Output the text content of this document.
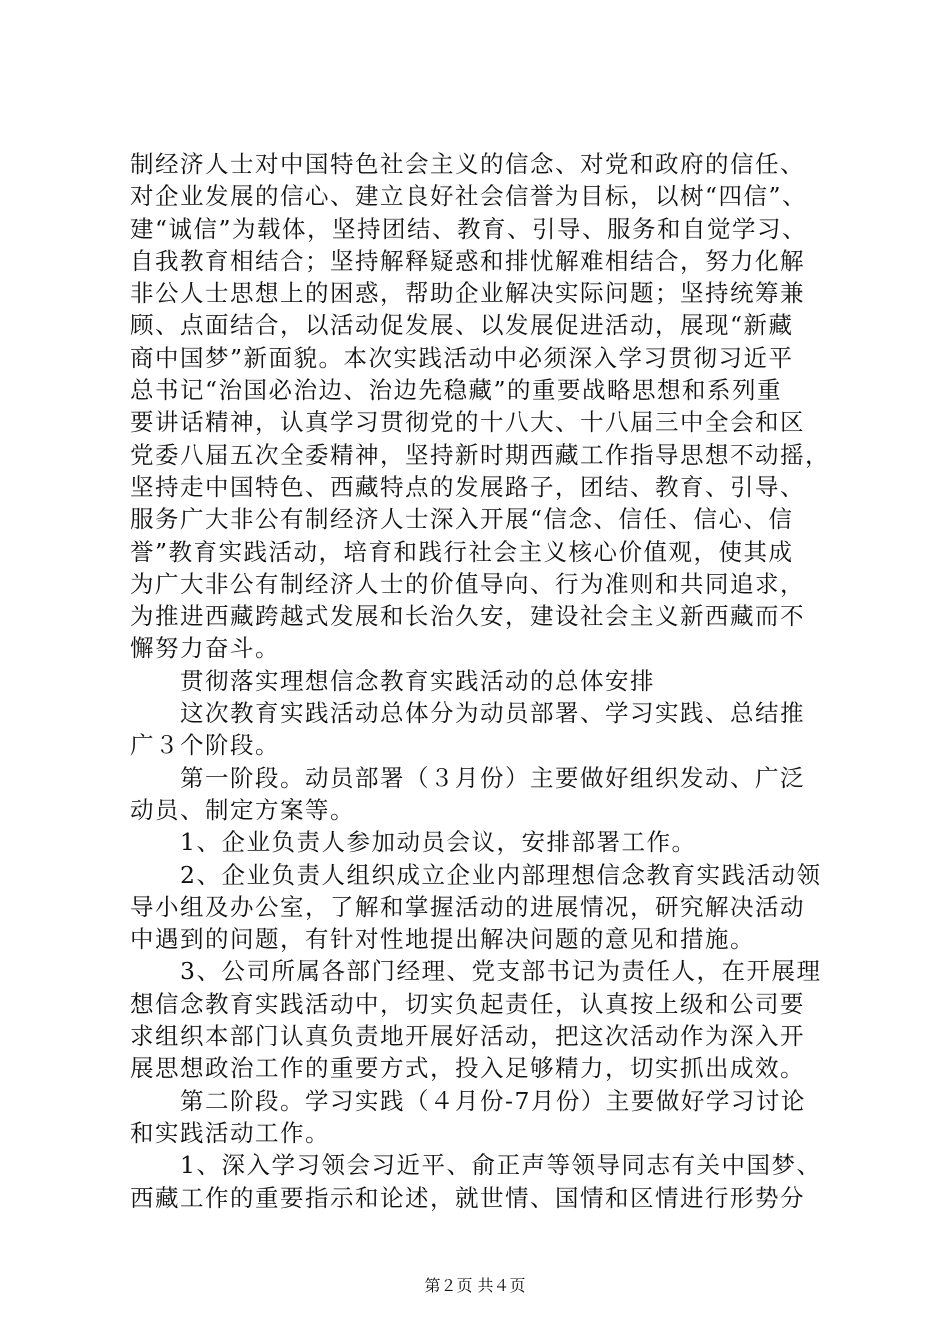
制经济人士对中国特色社会主义的信念、对党和政府的信任、
对企业发展的信心、建立良好社会信誉为目标，以树“四信”、
建“诚信”为载体，坚持团结、教育、引导、服务和自觉学习、
自我教育相结合；坚持解释疑惑和排忧解难相结合，努力化解
非公人士思想上的困惑，帮助企业解决实际问题；坚持统筹兼
顾、点面结合，以活动促发展、以发展促进活动，展现“新藏
商中国梦”新面貌。本次实践活动中必须深入学习贯彻习近平
总书记“治国必治边、治边先稳藏”的重要战略思想和系列重
要讲话精神，认真学习贯彻党的十八大、十八届三中全会和区
党委八届五次全委精神，坚持新时期西藏工作指导思想不动摇，
坚持走中国特色、西藏特点的发展路子，团结、教育、引导、
服务广大非公有制经济人士深入开展“信念、信任、信心、信
誉”教育实践活动，培育和践行社会主义核心价值观，使其成
为广大非公有制经济人士的价值导向、行为准则和共同追求，
为推进西藏跨越式发展和长治久安，建设社会主义新西藏而不
懈努力奋斗。
贯彻落实理想信念教育实践活动的总体安排
这次教育实践活动总体分为动员部署、学习实践、总结推
广３个阶段。
第一阶段。动员部署（３月份）主要做好组织发动、广泛
动员、制定方案等。
1、企业负责人参加动员会议，安排部署工作。
2、企业负责人组织成立企业内部理想信念教育实践活动领
导小组及办公室，了解和掌握活动的进展情况，研究解决活动
中遇到的问题，有针对性地提出解决问题的意见和措施。
3、公司所属各部门经理、党支部书记为责任人，在开展理
想信念教育实践活动中，切实负起责任，认真按上级和公司要
求组织本部门认真负责地开展好活动，把这次活动作为深入开
展思想政治工作的重要方式，投入足够精力，切实抓出成效。
第二阶段。学习实践（４月份-7月份）主要做好学习讨论
和实践活动工作。
1、深入学习领会习近平、俞正声等领导同志有关中国梦、
西藏工作的重要指示和论述，就世情、国情和区情进行形势分
第２页 共４页
